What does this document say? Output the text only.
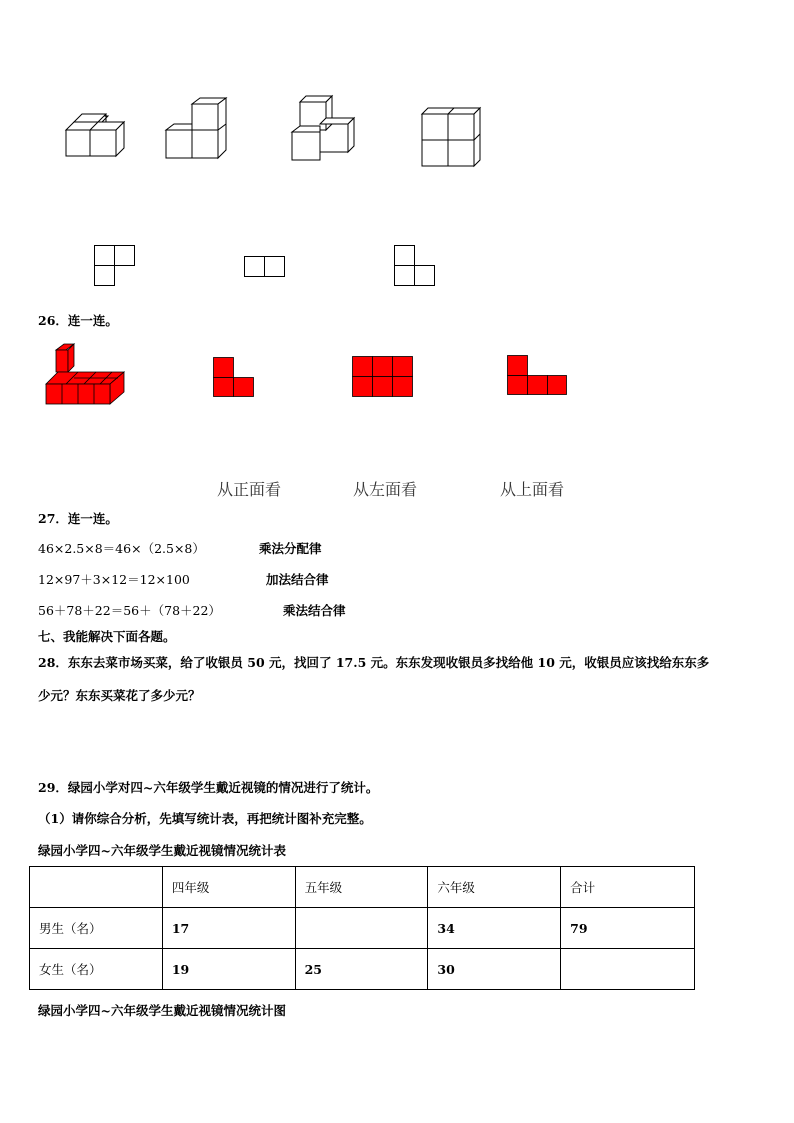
26．连一连。
从正面看	从左面看	从上面看
27．连一连。
46×2.5×8＝46×（2.5×8）
12×97＋3×12＝12×100
56＋78＋22＝56＋（78＋22）
乘法分配律
加法结合律
乘法结合律
七、我能解决下面各题。
28．东东去菜市场买菜，给了收银员 50 元，找回了 17.5 元。东东发现收银员多找给他 10 元，收银员应该找给东东多
少元？东东买菜花了多少元？
29．绿园小学对四~六年级学生戴近视镜的情况进行了统计。
（1）请你综合分析，先填写统计表，再把统计图补充完整。
绿园小学四~六年级学生戴近视镜情况统计表
	四年级	五年级	六年级	合计
男生（名）	17		34	79
女生（名）	19	25	30	
绿园小学四~六年级学生戴近视镜情况统计图
